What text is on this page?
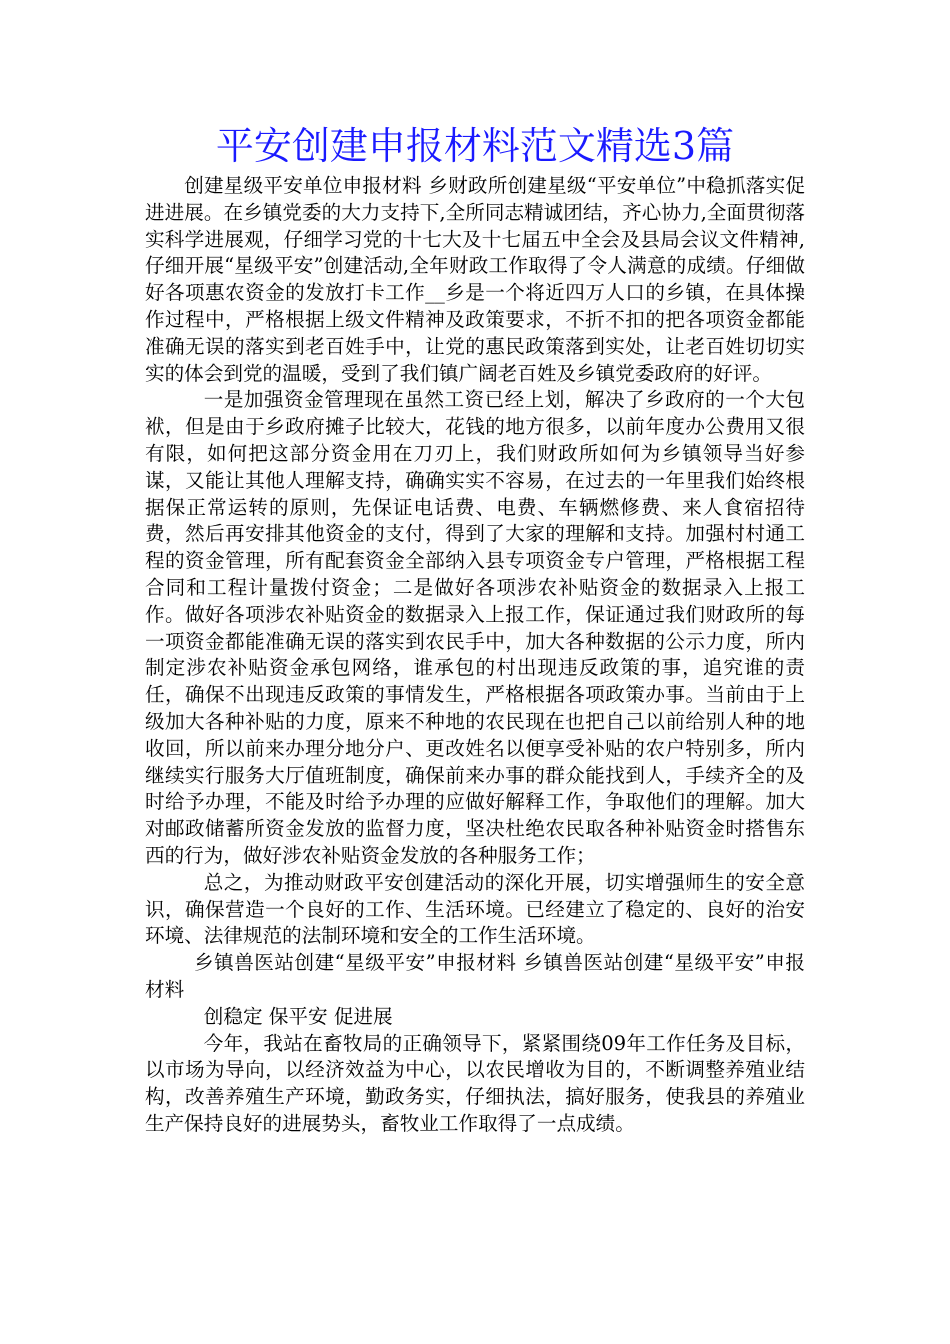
平安创建申报材料范文精选3篇

创建星级平安单位申报材料 乡财政所创建星级“平安单位”中稳抓落实促进进展。在乡镇党委的大力支持下,全所同志精诚团结，齐心协力,全面贯彻落实科学进展观，仔细学习党的十七大及十七届五中全会及县局会议文件精神,仔细开展“星级平安”创建活动,全年财政工作取得了令人满意的成绩。仔细做好各项惠农资金的发放打卡工作__乡是一个将近四万人口的乡镇，在具体操作过程中，严格根据上级文件精神及政策要求，不折不扣的把各项资金都能准确无误的落实到老百姓手中，让党的惠民政策落到实处，让老百姓切切实实的体会到党的温暖，受到了我们镇广阔老百姓及乡镇党委政府的好评。

一是加强资金管理现在虽然工资已经上划，解决了乡政府的一个大包袱，但是由于乡政府摊子比较大，花钱的地方很多，以前年度办公费用又很有限，如何把这部分资金用在刀刃上，我们财政所如何为乡镇领导当好参谋，又能让其他人理解支持，确确实实不容易，在过去的一年里我们始终根据保正常运转的原则，先保证电话费、电费、车辆燃修费、来人食宿招待费，然后再安排其他资金的支付，得到了大家的理解和支持。加强村村通工程的资金管理，所有配套资金全部纳入县专项资金专户管理，严格根据工程合同和工程计量拨付资金；二是做好各项涉农补贴资金的数据录入上报工作。做好各项涉农补贴资金的数据录入上报工作，保证通过我们财政所的每一项资金都能准确无误的落实到农民手中，加大各种数据的公示力度，所内制定涉农补贴资金承包网络，谁承包的村出现违反政策的事，追究谁的责任，确保不出现违反政策的事情发生，严格根据各项政策办事。当前由于上级加大各种补贴的力度，原来不种地的农民现在也把自己以前给别人种的地收回，所以前来办理分地分户、更改姓名以便享受补贴的农户特别多，所内继续实行服务大厅值班制度，确保前来办事的群众能找到人，手续齐全的及时给予办理，不能及时给予办理的应做好解释工作，争取他们的理解。加大对邮政储蓄所资金发放的监督力度，坚决杜绝农民取各种补贴资金时搭售东西的行为，做好涉农补贴资金发放的各种服务工作；

总之，为推动财政平安创建活动的深化开展，切实增强师生的安全意识，确保营造一个良好的工作、生活环境。已经建立了稳定的、良好的治安环境、法律规范的法制环境和安全的工作生活环境。

乡镇兽医站创建“星级平安”申报材料 乡镇兽医站创建“星级平安”申报材料

创稳定 保平安 促进展

今年，我站在畜牧局的正确领导下，紧紧围绕09年工作任务及目标，以市场为导向，以经济效益为中心，以农民增收为目的，不断调整养殖业结构，改善养殖生产环境，勤政务实，仔细执法，搞好服务，使我县的养殖业生产保持良好的进展势头，畜牧业工作取得了一点成绩。
